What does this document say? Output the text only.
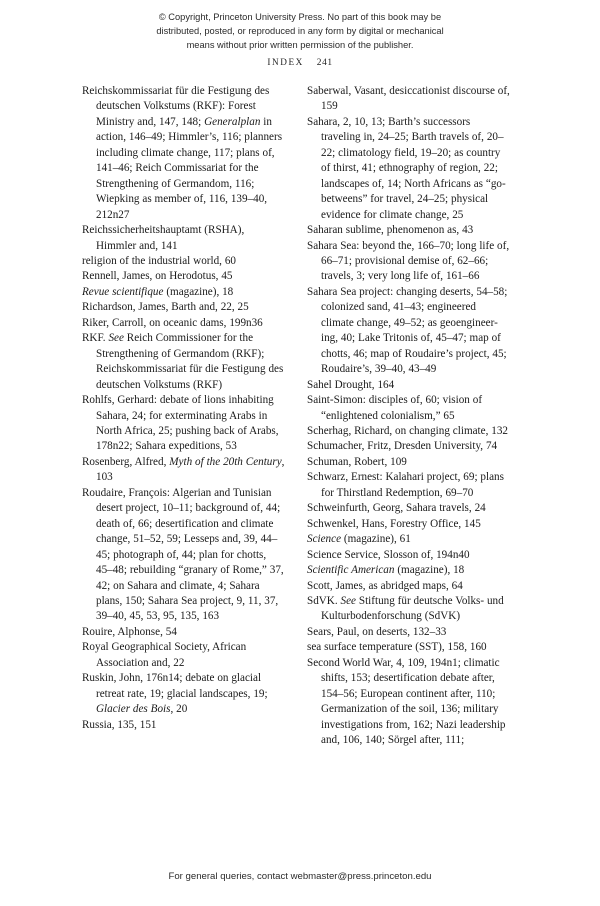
© Copyright, Princeton University Press. No part of this book may be
distributed, posted, or reproduced in any form by digital or mechanical
means without prior written permission of the publisher.
INDEX 241

Reichskommissariat für die Festigung des deutschen Volkstums (RKF): Forest Ministry and, 147, 148; Generalplan in action, 146–49; Himmler’s, 116; planners including climate change, 117; plans of, 141–46; Reich Commissariat for the Strengthening of Germandom, 116; Wiepking as member of, 116, 139–40, 212n27

Reichssicherheitshauptamt (RSHA), Himmler and, 141

religion of the industrial world, 60

Rennell, James, on Herodotus, 45

Revue scientifique (magazine), 18

Richardson, James, Barth and, 22, 25

Riker, Carroll, on oceanic dams, 199n36

RKF. See Reich Commissioner for the Strengthening of Germandom (RKF); Reichskommissariat für die Festigung des deutschen Volkstums (RKF)

Rohlfs, Gerhard: debate of lions inhabiting Sahara, 24; for exterminating Arabs in North Africa, 25; pushing back of Arabs, 178n22; Sahara expeditions, 53

Rosenberg, Alfred, Myth of the 20th Century, 103

Roudaire, François: Algerian and Tunisian desert project, 10–11; background of, 44; death of, 66; desertification and climate change, 51–52, 59; Lesseps and, 39, 44–45; photograph of, 44; plan for chotts, 45–48; rebuilding “granary of Rome,” 37, 42; on Sahara and climate, 4; Sahara plans, 150; Sahara Sea project, 9, 11, 37, 39–40, 45, 53, 95, 135, 163

Rouire, Alphonse, 54

Royal Geographical Society, African Association and, 22

Ruskin, John, 176n14; debate on glacial retreat rate, 19; glacial landscapes, 19; Glacier des Bois, 20

Russia, 135, 151

Saberwal, Vasant, desiccationist discourse of, 159

Sahara, 2, 10, 13; Barth’s successors traveling in, 24–25; Barth travels of, 20–22; climatology field, 19–20; as country of thirst, 41; ethnography of region, 22; landscapes of, 14; North Africans as “go-betweens” for travel, 24–25; physical evidence for climate change, 25

Saharan sublime, phenomenon as, 43

Sahara Sea: beyond the, 166–70; long life of, 66–71; provisional demise of, 62–66; travels, 3; very long life of, 161–66

Sahara Sea project: changing deserts, 54–58; colonized sand, 41–43; engineered climate change, 49–52; as geoengineer-ing, 40; Lake Tritonis of, 45–47; map of chotts, 46; map of Roudaire’s project, 45; Roudaire’s, 39–40, 43–49

Sahel Drought, 164

Saint-Simon: disciples of, 60; vision of “enlightened colonialism,” 65

Scherhag, Richard, on changing climate, 132

Schumacher, Fritz, Dresden University, 74

Schuman, Robert, 109

Schwarz, Ernest: Kalahari project, 69; plans for Thirstland Redemption, 69–70

Schweinfurth, Georg, Sahara travels, 24

Schwenkel, Hans, Forestry Office, 145

Science (magazine), 61

Science Service, Slosson of, 194n40

Scientific American (magazine), 18

Scott, James, as abridged maps, 64

SdVK. See Stiftung für deutsche Volks- und Kulturbodenforschung (SdVK)

Sears, Paul, on deserts, 132–33

sea surface temperature (SST), 158, 160

Second World War, 4, 109, 194n1; climatic shifts, 153; desertification debate after, 154–56; European continent after, 110; Germanization of the soil, 136; military investigations from, 162; Nazi leadership and, 106, 140; Sörgel after, 111;

For general queries, contact webmaster@press.princeton.edu
